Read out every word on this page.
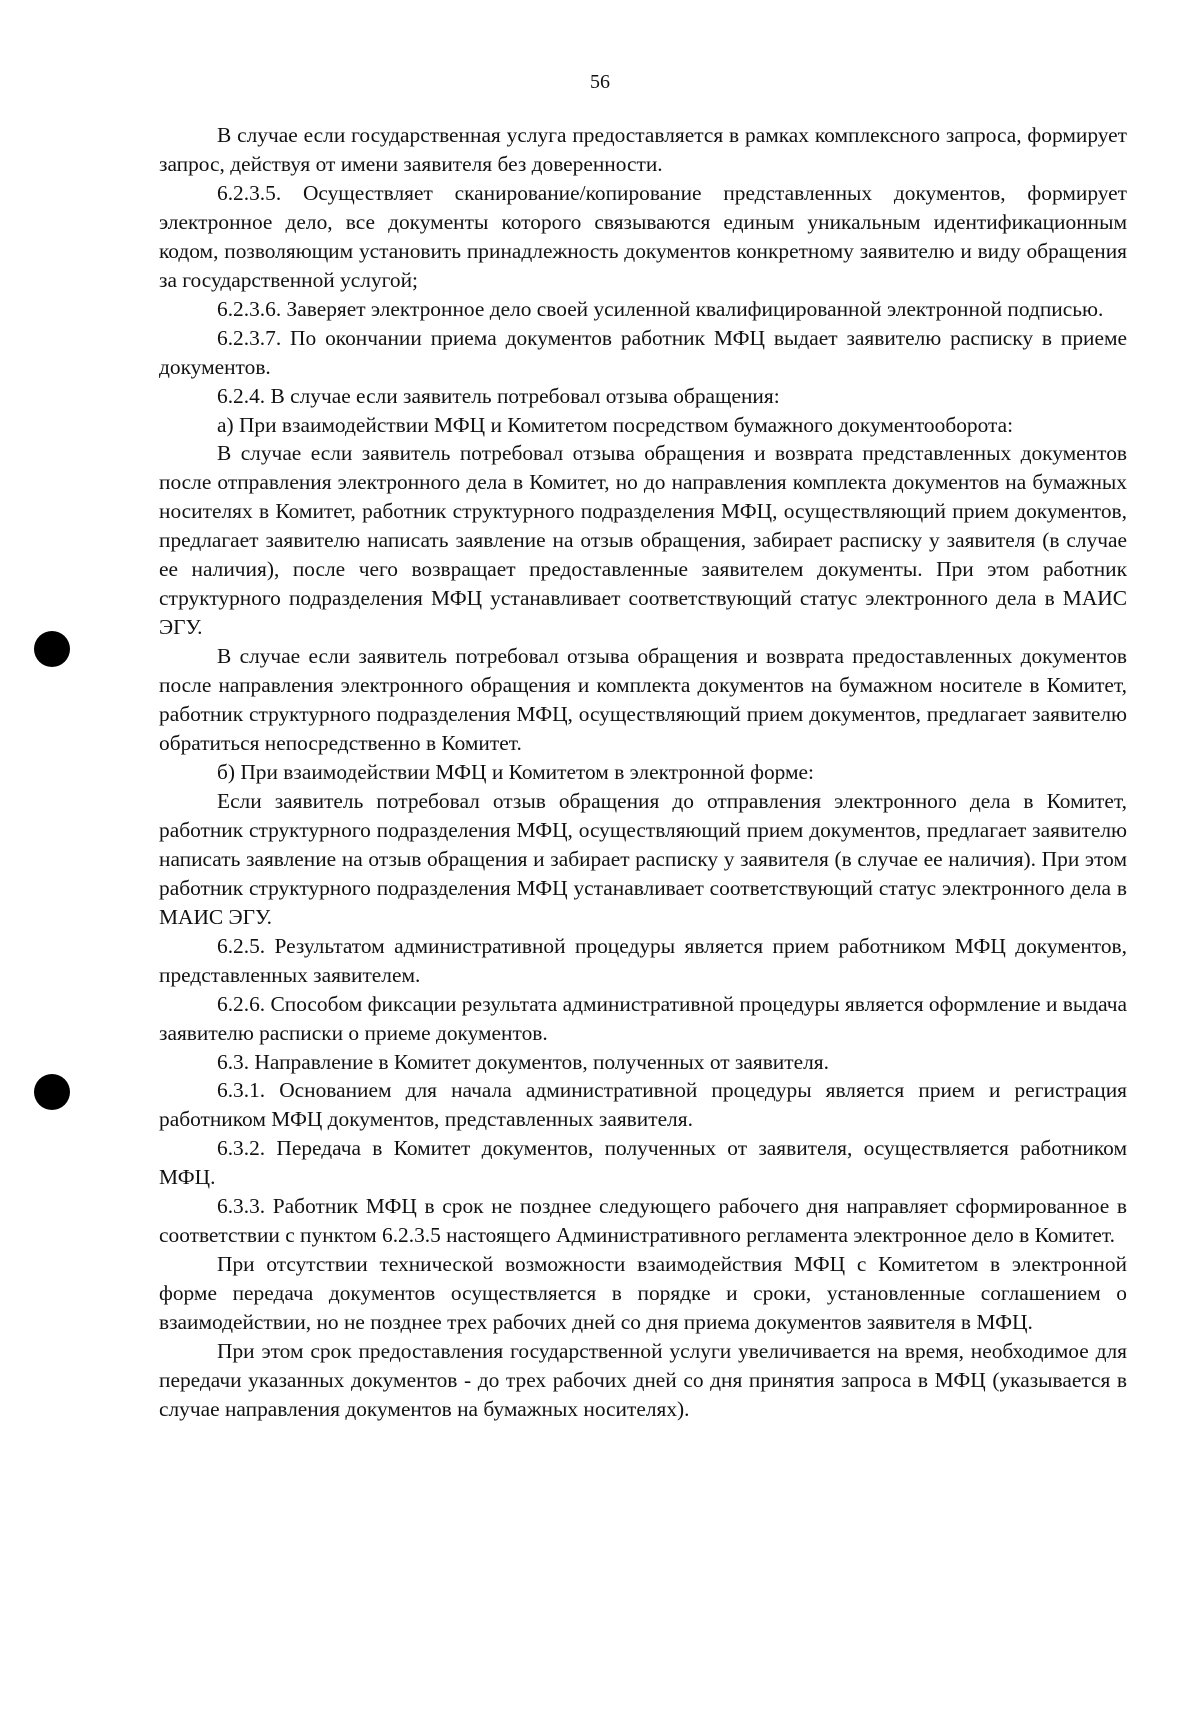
56

В случае если государственная услуга предоставляется в рамках комплексного запроса, формирует запрос, действуя от имени заявителя без доверенности.

6.2.3.5. Осуществляет сканирование/копирование представленных документов, формирует электронное дело, все документы которого связываются единым уникальным идентификационным кодом, позволяющим установить принадлежность документов конкретному заявителю и виду обращения за государственной услугой;

6.2.3.6. Заверяет электронное дело своей усиленной квалифицированной электронной подписью.

6.2.3.7. По окончании приема документов работник МФЦ выдает заявителю расписку в приеме документов.

6.2.4. В случае если заявитель потребовал отзыва обращения:

а) При взаимодействии МФЦ и Комитетом посредством бумажного документооборота:

В случае если заявитель потребовал отзыва обращения и возврата представленных документов после отправления электронного дела в Комитет, но до направления комплекта документов на бумажных носителях в Комитет, работник структурного подразделения МФЦ, осуществляющий прием документов, предлагает заявителю написать заявление на отзыв обращения, забирает расписку у заявителя (в случае ее наличия), после чего возвращает предоставленные заявителем документы. При этом работник структурного подразделения МФЦ устанавливает соответствующий статус электронного дела в МАИС ЭГУ.

В случае если заявитель потребовал отзыва обращения и возврата предоставленных документов после направления электронного обращения и комплекта документов на бумажном носителе в Комитет, работник структурного подразделения МФЦ, осуществляющий прием документов, предлагает заявителю обратиться непосредственно в Комитет.

б) При взаимодействии МФЦ и Комитетом в электронной форме:

Если заявитель потребовал отзыв обращения до отправления электронного дела в Комитет, работник структурного подразделения МФЦ, осуществляющий прием документов, предлагает заявителю написать заявление на отзыв обращения и забирает расписку у заявителя (в случае ее наличия). При этом работник структурного подразделения МФЦ устанавливает соответствующий статус электронного дела в МАИС ЭГУ.

6.2.5. Результатом административной процедуры является прием работником МФЦ документов, представленных заявителем.

6.2.6. Способом фиксации результата административной процедуры является оформление и выдача заявителю расписки о приеме документов.

6.3. Направление в Комитет документов, полученных от заявителя.

6.3.1. Основанием для начала административной процедуры является прием и регистрация работником МФЦ документов, представленных заявителя.

6.3.2. Передача в Комитет документов, полученных от заявителя, осуществляется работником МФЦ.

6.3.3. Работник МФЦ в срок не позднее следующего рабочего дня направляет сформированное в соответствии с пунктом 6.2.3.5 настоящего Административного регламента электронное дело в Комитет.

При отсутствии технической возможности взаимодействия МФЦ с Комитетом в электронной форме передача документов осуществляется в порядке и сроки, установленные соглашением о взаимодействии, но не позднее трех рабочих дней со дня приема документов заявителя в МФЦ.

При этом срок предоставления государственной услуги увеличивается на время, необходимое для передачи указанных документов - до трех рабочих дней со дня принятия запроса в МФЦ (указывается в случае направления документов на бумажных носителях).
